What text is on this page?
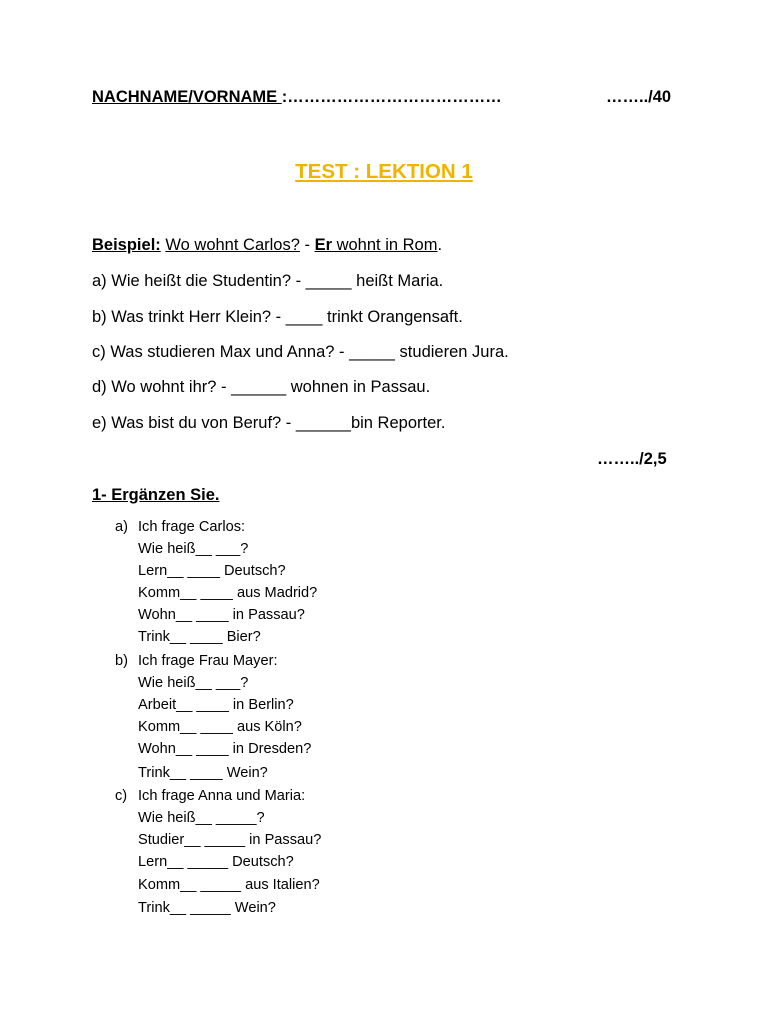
NACHNAME/VORNAME :…………………………………	……../40
TEST : LEKTION 1
Beispiel: Wo wohnt Carlos? - Er wohnt in Rom.
a) Wie heißt die Studentin? - _____ heißt Maria.
b) Was trinkt Herr Klein? - ____ trinkt Orangensaft.
c) Was studieren Max und Anna? - _____ studieren Jura.
d) Wo wohnt ihr? - ______ wohnen in Passau.
e) Was bist du von Beruf? - ______bin Reporter.
……../2,5
1- Ergänzen Sie.
a) Ich frage Carlos:
Wie heiß__ ___?
Lern__ ____ Deutsch?
Komm__ ____ aus Madrid?
Wohn__ ____ in Passau?
Trink__ ____ Bier?
b) Ich frage Frau Mayer:
Wie heiß__ ___?
Arbeit__ ____ in Berlin?
Komm__ ____ aus Köln?
Wohn__ ____ in Dresden?
Trink__ ____ Wein?
c) Ich frage Anna und Maria:
Wie heiß__ _____?
Studier__ _____ in Passau?
Lern__ _____ Deutsch?
Komm__ _____ aus Italien?
Trink__ _____ Wein?
